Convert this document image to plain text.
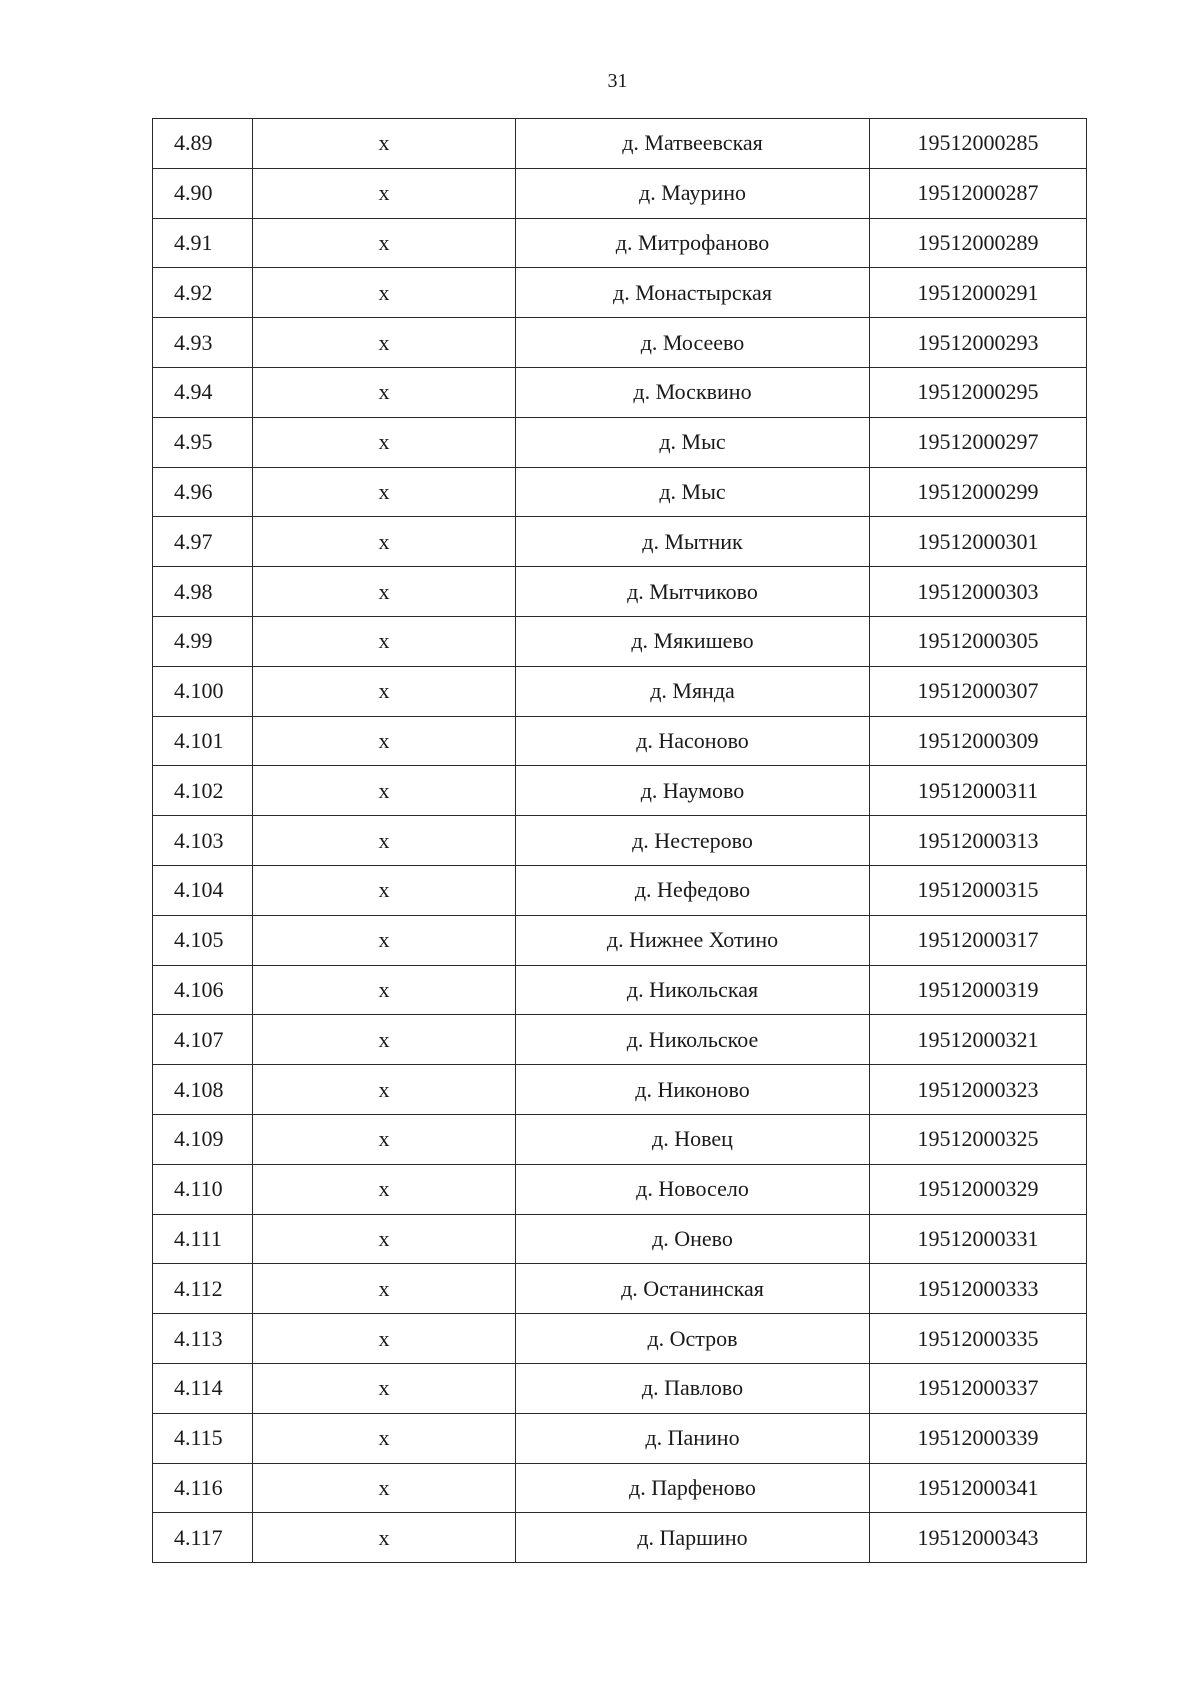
31
4.89	х	д. Матвеевская	19512000285
4.90	х	д. Маурино	19512000287
4.91	х	д. Митрофаново	19512000289
4.92	х	д. Монастырская	19512000291
4.93	х	д. Мосеево	19512000293
4.94	х	д. Москвино	19512000295
4.95	х	д. Мыс	19512000297
4.96	х	д. Мыс	19512000299
4.97	х	д. Мытник	19512000301
4.98	х	д. Мытчиково	19512000303
4.99	х	д. Мякишево	19512000305
4.100	х	д. Мянда	19512000307
4.101	х	д. Насоново	19512000309
4.102	х	д. Наумово	19512000311
4.103	х	д. Нестерово	19512000313
4.104	х	д. Нефедово	19512000315
4.105	х	д. Нижнее Хотино	19512000317
4.106	х	д. Никольская	19512000319
4.107	х	д. Никольское	19512000321
4.108	х	д. Никоново	19512000323
4.109	х	д. Новец	19512000325
4.110	х	д. Новосело	19512000329
4.111	х	д. Онево	19512000331
4.112	х	д. Останинская	19512000333
4.113	х	д. Остров	19512000335
4.114	х	д. Павлово	19512000337
4.115	х	д. Панино	19512000339
4.116	х	д. Парфеново	19512000341
4.117	х	д. Паршино	19512000343
